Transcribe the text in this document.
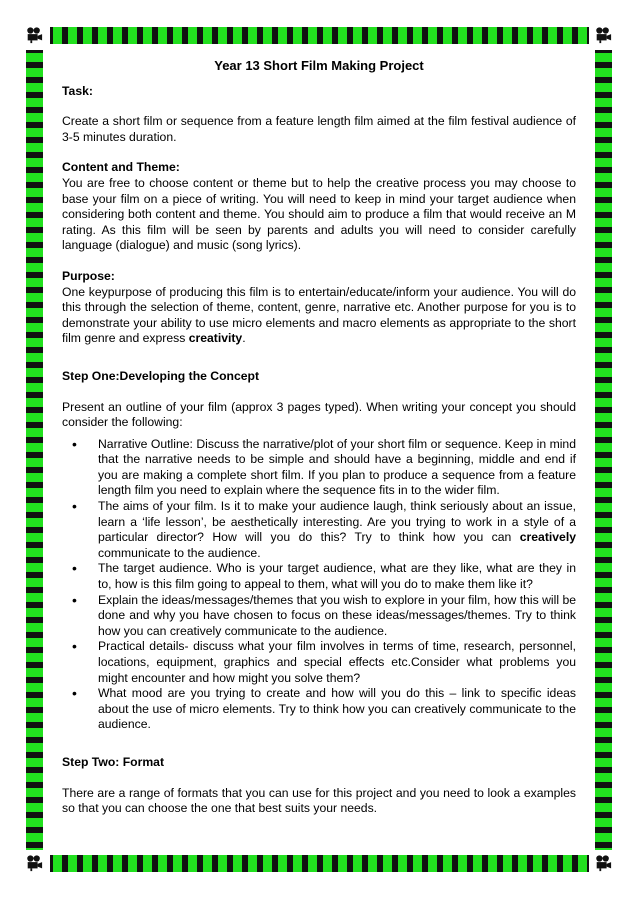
Year 13 Short Film Making Project

Task:

Create a short film or sequence from a feature length film aimed at the film festival audience of 3-5 minutes duration.

Content and Theme:

You are free to choose content or theme but to help the creative process you may choose to base your film on a piece of writing. You will need to keep in mind your target audience when considering both content and theme. You should aim to produce a film that would receive an M rating. As this film will be seen by parents and adults you will need to consider carefully language (dialogue) and music (song lyrics).

Purpose:

One keypurpose of producing this film is to entertain/educate/inform your audience. You will do this through the selection of theme, content, genre, narrative etc. Another purpose for you is to demonstrate your ability to use micro elements and macro elements as appropriate to the short film genre and express creativity.

Step One:Developing the Concept

Present an outline of your film (approx 3 pages typed). When writing your concept you should consider the following:

• Narrative Outline: Discuss the narrative/plot of your short film or sequence. Keep in mind that the narrative needs to be simple and should have a beginning, middle and end if you are making a complete short film. If you plan to produce a sequence from a feature length film you need to explain where the sequence fits in to the wider film.
• The aims of your film. Is it to make your audience laugh, think seriously about an issue, learn a ‘life lesson’, be aesthetically interesting. Are you trying to work in a style of a particular director? How will you do this? Try to think how you can creatively communicate to the audience.
• The target audience. Who is your target audience, what are they like, what are they in to, how is this film going to appeal to them, what will you do to make them like it?
• Explain the ideas/messages/themes that you wish to explore in your film, how this will be done and why you have chosen to focus on these ideas/messages/themes. Try to think how you can creatively communicate to the audience.
• Practical details- discuss what your film involves in terms of time, research, personnel, locations, equipment, graphics and special effects etc.Consider what problems you might encounter and how might you solve them?
• What mood are you trying to create and how will you do this – link to specific ideas about the use of micro elements. Try to think how you can creatively communicate to the audience.

Step Two: Format

There are a range of formats that you can use for this project and you need to look a examples so that you can choose the one that best suits your needs.
